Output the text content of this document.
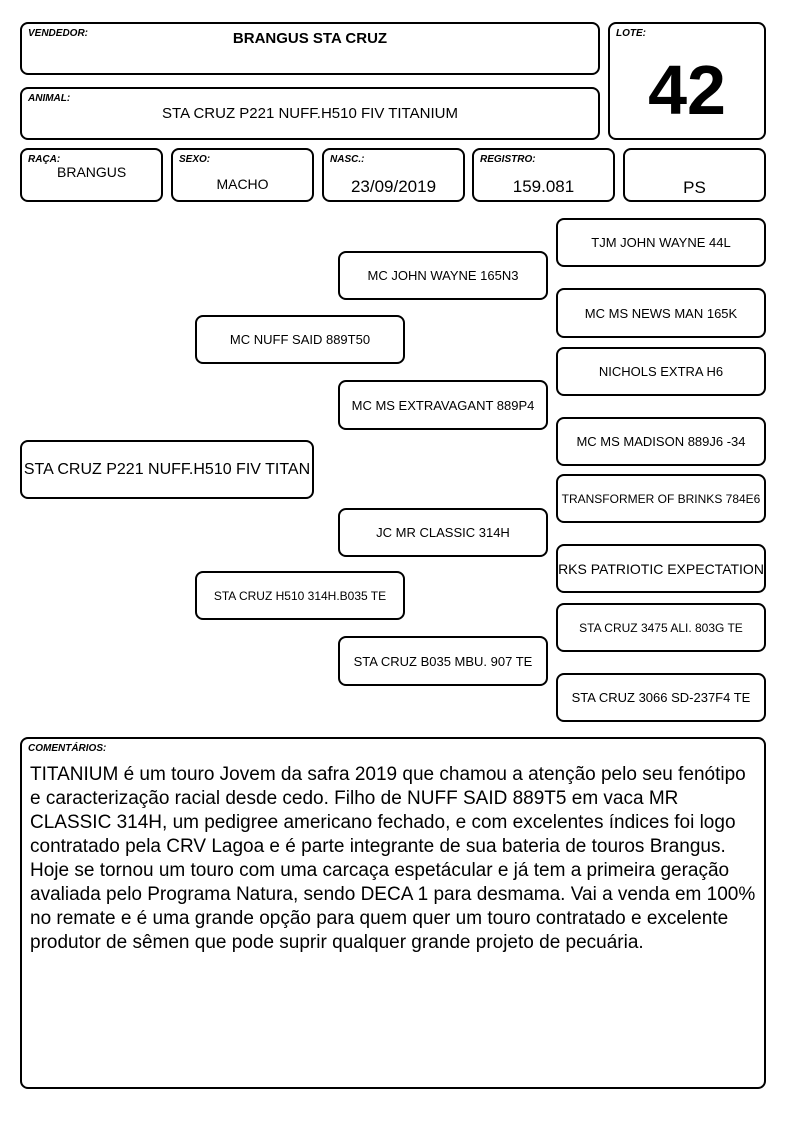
VENDEDOR:	BRANGUS STA CRUZ	LOTE:
42
ANIMAL:
STA CRUZ P221 NUFF.H510 FIV TITANIUM
RAÇA:
BRANGUS
SEXO:
MACHO
NASC.:
23/09/2019
REGISTRO:
159.081	PS
STA CRUZ P221 NUFF.H510 FIV TITAN
MC NUFF SAID 889T50
STA CRUZ H510 314H.B035 TE
MC JOHN WAYNE 165N3
MC MS EXTRAVAGANT 889P4
JC MR CLASSIC 314H
STA CRUZ B035 MBU. 907 TE
TJM JOHN WAYNE 44L
MC MS NEWS MAN 165K
NICHOLS EXTRA H6
MC MS MADISON 889J6 -34
TRANSFORMER OF BRINKS 784E6
RKS PATRIOTIC EXPECTATION
STA CRUZ 3475 ALI. 803G TE
STA CRUZ 3066 SD-237F4 TE
COMENTÁRIOS:
TITANIUM é um touro Jovem da safra 2019 que chamou a atenção pelo seu fenótipo e caracterização racial desde cedo. Filho de NUFF SAID 889T5 em vaca MR CLASSIC 314H, um pedigree americano fechado, e com excelentes índices foi logo contratado pela CRV Lagoa e é parte integrante de sua bateria de touros Brangus. Hoje se tornou um touro com uma carcaça espetácular e já tem a primeira geração avaliada pelo Programa Natura, sendo DECA 1 para desmama. Vai a venda em 100% no remate e é uma grande opção para quem quer um touro contratado e excelente produtor de sêmen que pode suprir qualquer grande projeto de pecuária.
